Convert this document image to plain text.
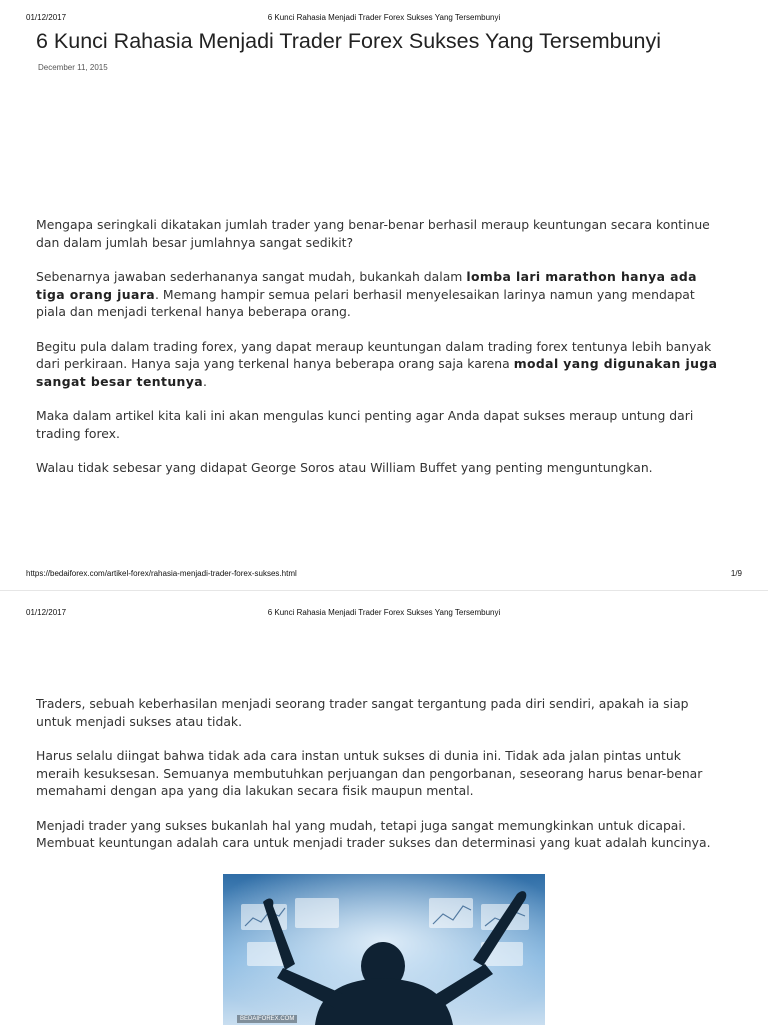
01/12/2017	6 Kunci Rahasia Menjadi Trader Forex Sukses Yang Tersembunyi
6 Kunci Rahasia Menjadi Trader Forex Sukses Yang Tersembunyi
December 11, 2015

Mengapa seringkali dikatakan jumlah trader yang benar-benar berhasil meraup keuntungan secara kontinue dan dalam jumlah besar jumlahnya sangat sedikit?

Sebenarnya jawaban sederhananya sangat mudah, bukankah dalam lomba lari marathon hanya ada tiga orang juara. Memang hampir semua pelari berhasil menyelesaikan larinya namun yang mendapat piala dan menjadi terkenal hanya beberapa orang.

Begitu pula dalam trading forex, yang dapat meraup keuntungan dalam trading forex tentunya lebih banyak dari perkiraan. Hanya saja yang terkenal hanya beberapa orang saja karena modal yang digunakan juga sangat besar tentunya.

Maka dalam artikel kita kali ini akan mengulas kunci penting agar Anda dapat sukses meraup untung dari trading forex.

Walau tidak sebesar yang didapat George Soros atau William Buffet yang penting menguntungkan.

https://bedaiforex.com/artikel-forex/rahasia-menjadi-trader-forex-sukses.html	1/9
01/12/2017	6 Kunci Rahasia Menjadi Trader Forex Sukses Yang Tersembunyi

Traders, sebuah keberhasilan menjadi seorang trader sangat tergantung pada diri sendiri, apakah ia siap untuk menjadi sukses atau tidak.

Harus selalu diingat bahwa tidak ada cara instan untuk sukses di dunia ini. Tidak ada jalan pintas untuk meraih kesuksesan. Semuanya membutuhkan perjuangan dan pengorbanan, seseorang harus benar-benar memahami dengan apa yang dia lakukan secara fisik maupun mental.

Menjadi trader yang sukses bukanlah hal yang mudah, tetapi juga sangat memungkinkan untuk dicapai. Membuat keuntungan adalah cara untuk menjadi trader sukses dan determinasi yang kuat adalah kuncinya.

BEDAIFOREX.COM
